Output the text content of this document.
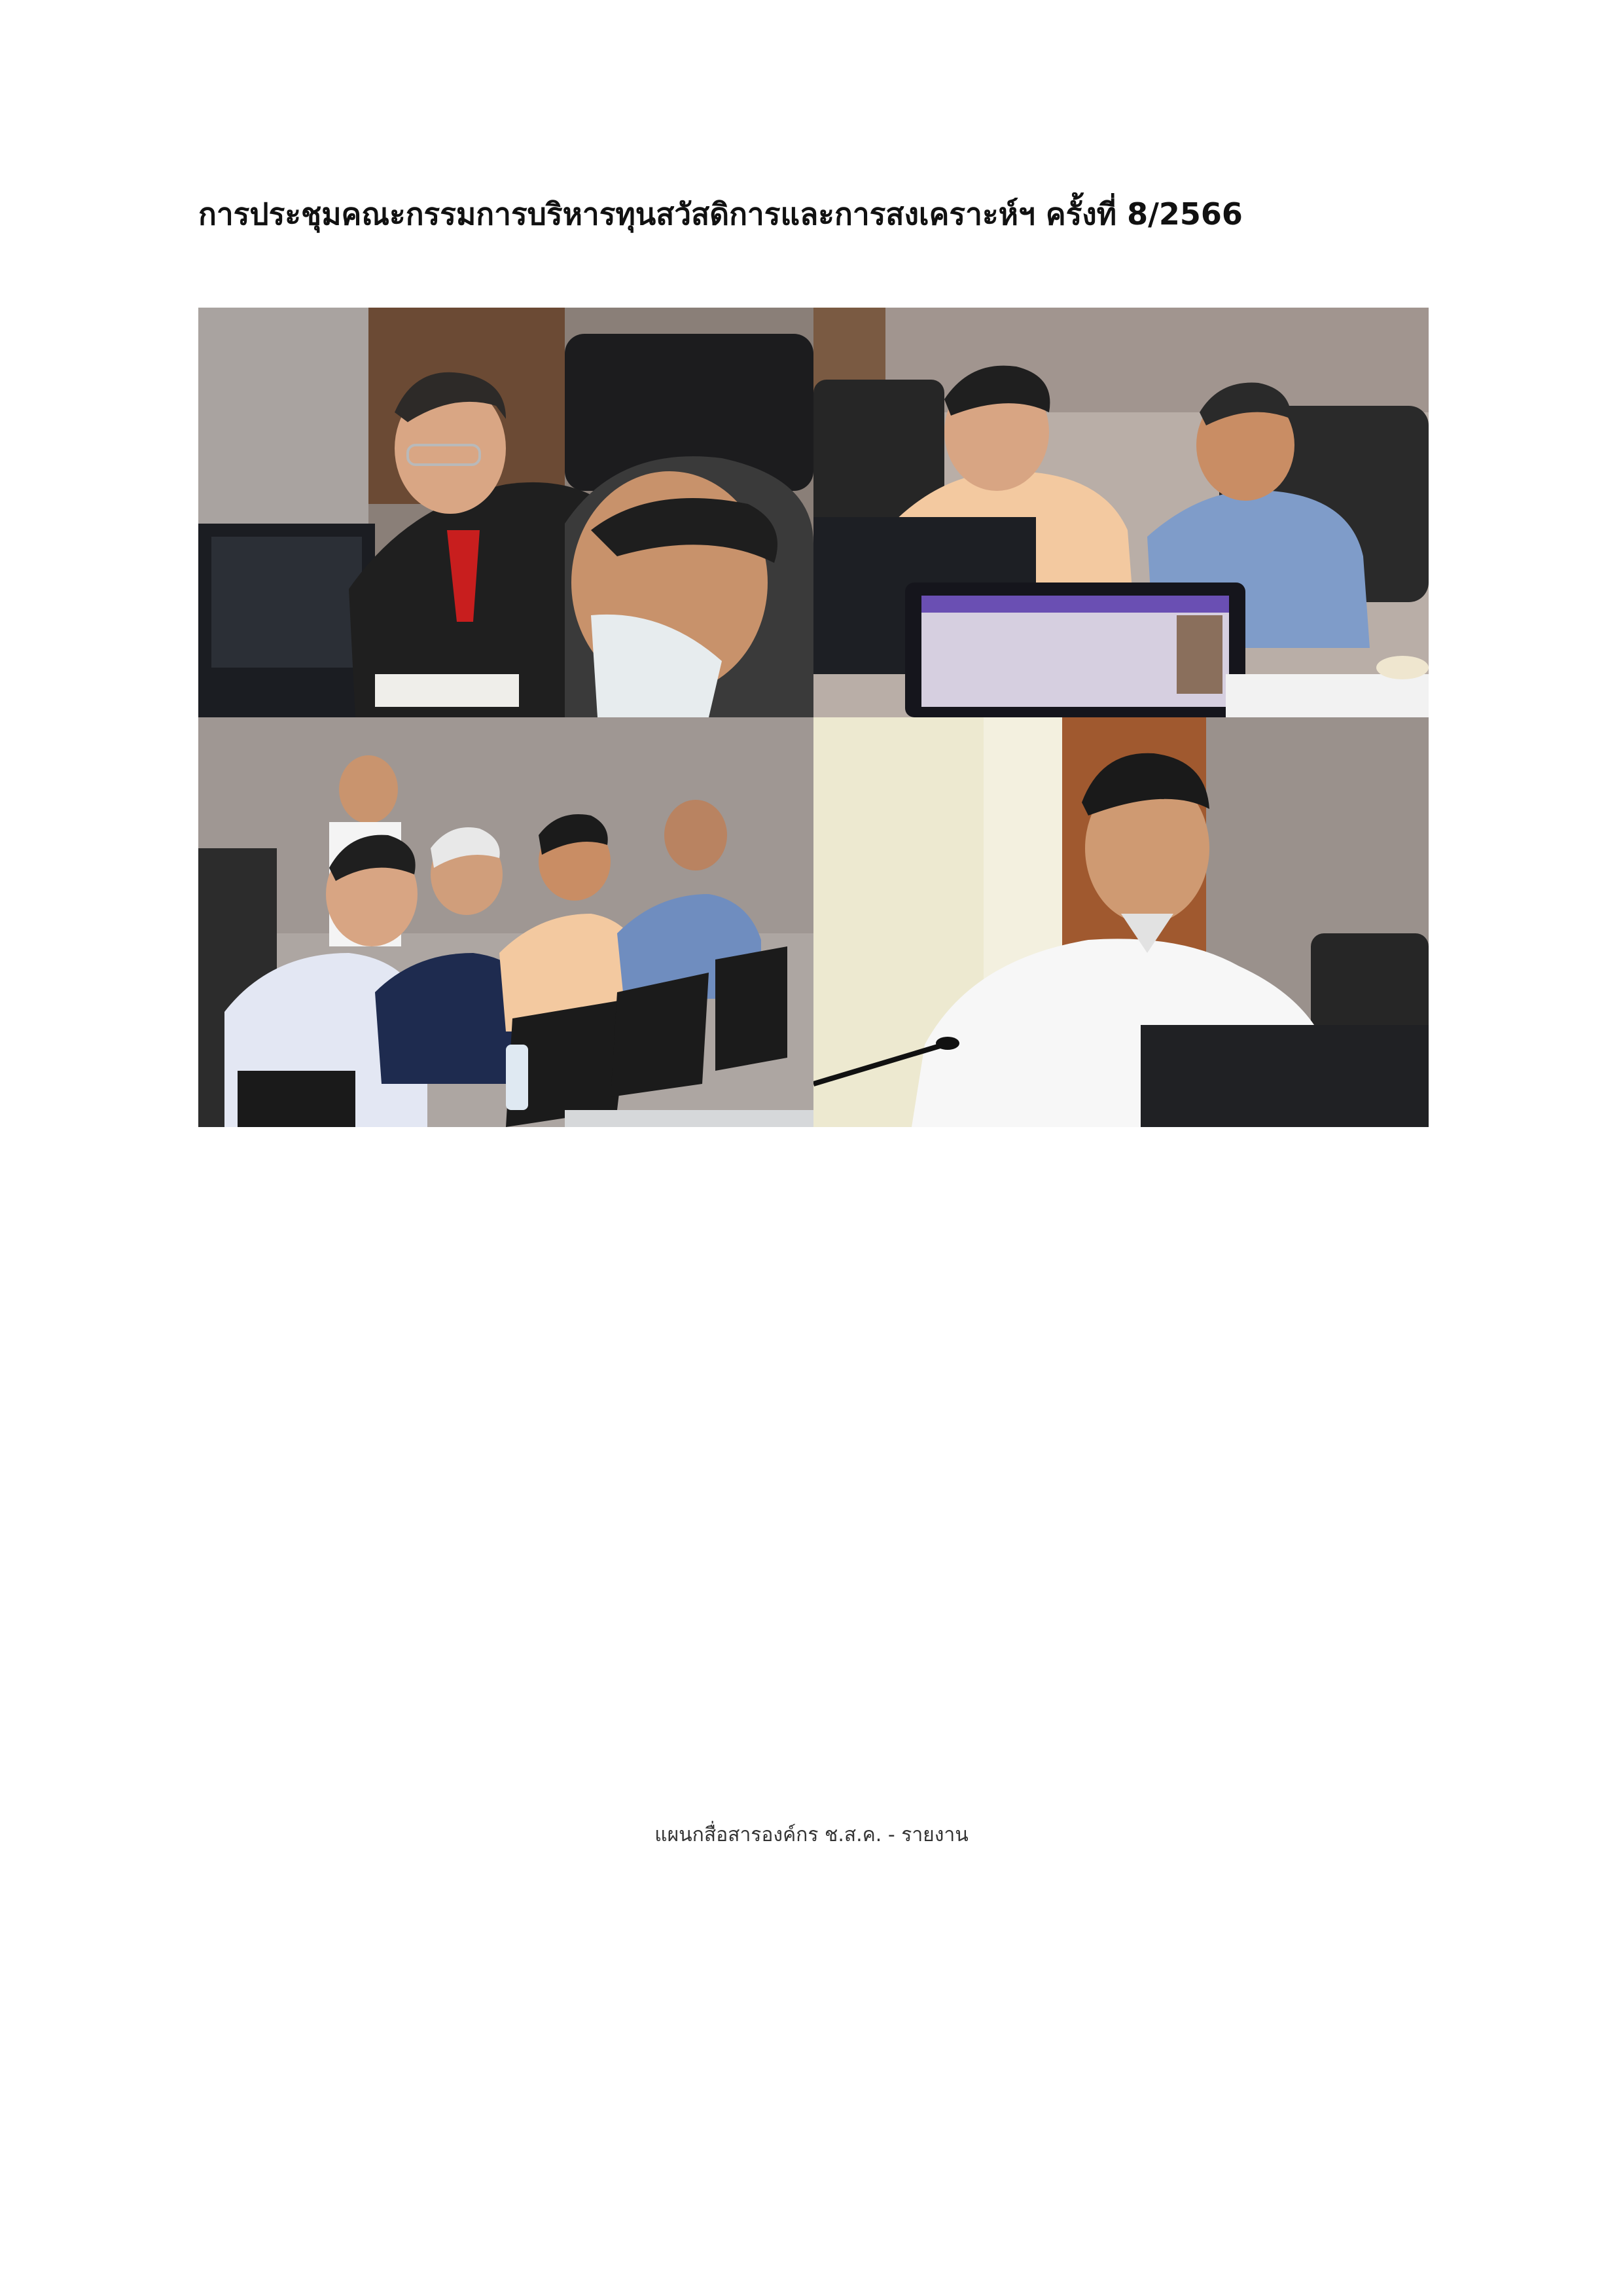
การประชุมคณะกรรมการบริหารทุนสวัสดิการและการสงเคราะห์ฯ ครั้งที่ 8/2566

แผนกสื่อสารองค์กร ช.ส.ค. - รายงาน
